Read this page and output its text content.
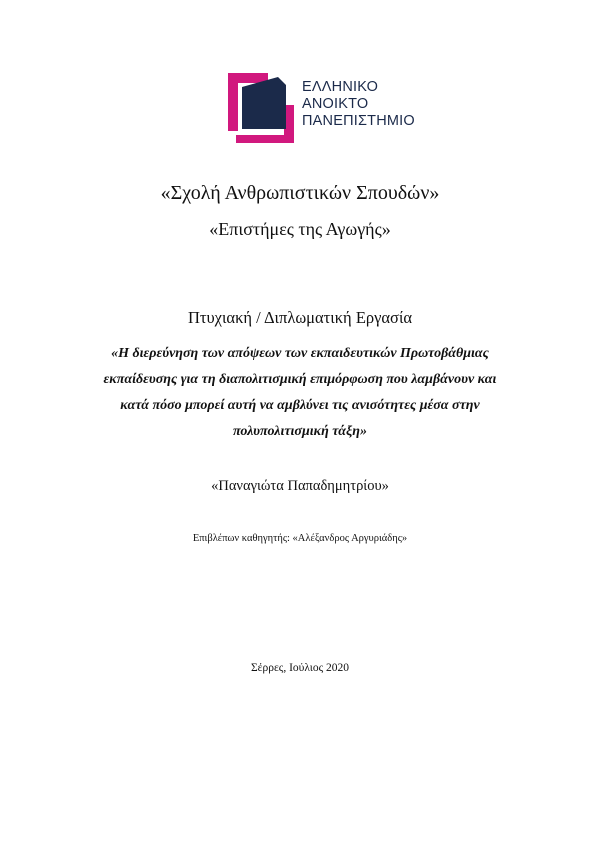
ΕΛΛΗΝΙΚΟ
ΑΝΟΙΚΤΟ
ΠΑΝΕΠΙΣΤΗΜΙΟ
«Σχολή Ανθρωπιστικών Σπουδών»
«Επιστήμες της Αγωγής»
Πτυχιακή / Διπλωματική Εργασία
«Η διερεύνηση των απόψεων των εκπαιδευτικών Πρωτοβάθμιας
εκπαίδευσης για τη διαπολιτισμική επιμόρφωση που λαμβάνουν και
κατά πόσο μπορεί αυτή να αμβλύνει τις ανισότητες μέσα στην
πολυπολιτισμική τάξη»
«Παναγιώτα Παπαδημητρίου»
Επιβλέπων καθηγητής: «Αλέξανδρος Αργυριάδης»
Σέρρες, Ιούλιος 2020
